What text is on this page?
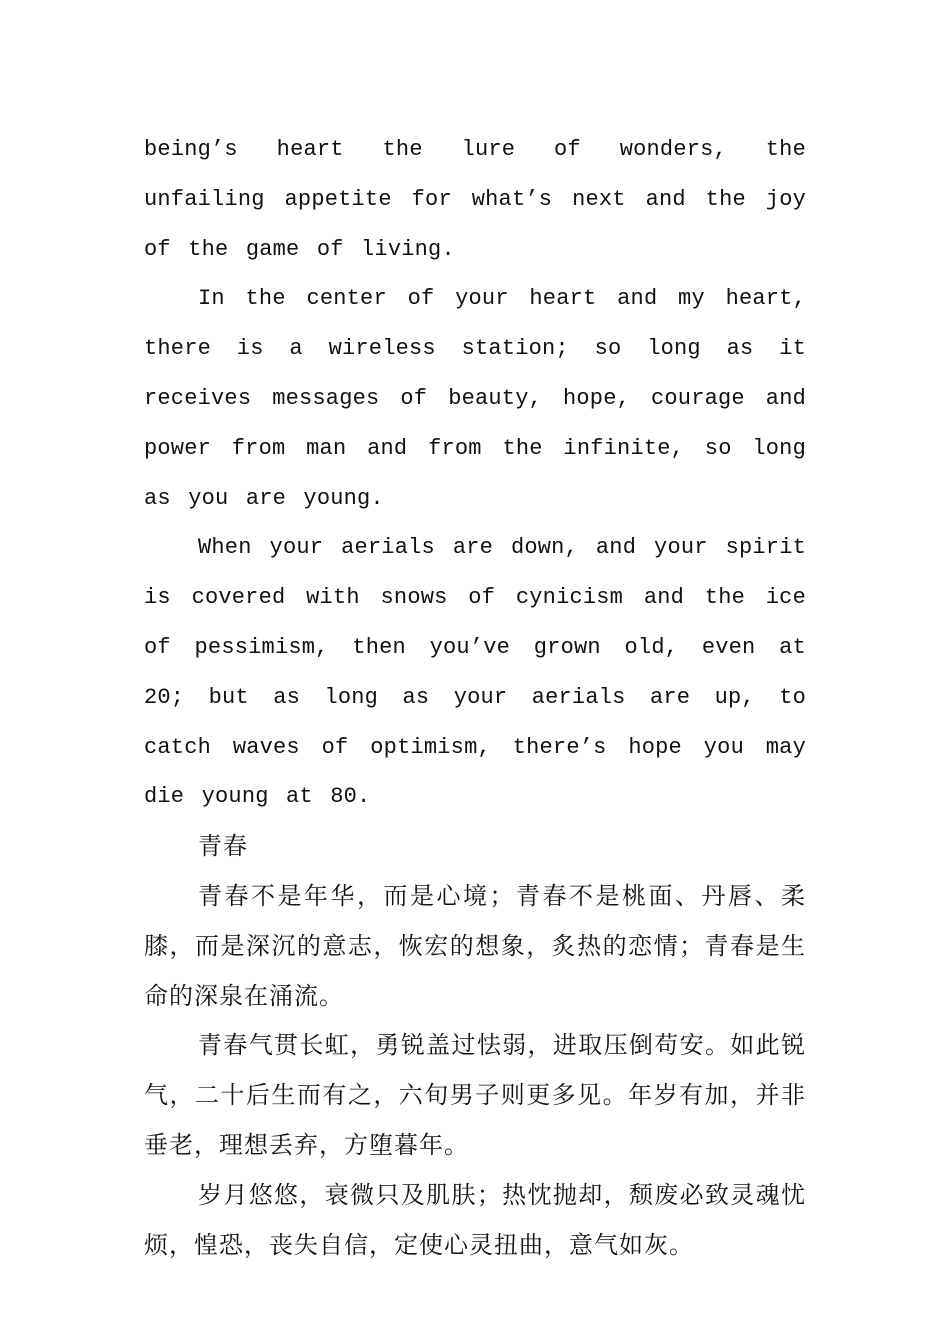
being’s heart the lure of wonders, the unfailing appetite for what’s next and the joy of the game of living.

In the center of your heart and my heart, there is a wireless station; so long as it receives messages of beauty, hope, courage and power from man and from the infinite, so long as you are young.

When your aerials are down, and your spirit is covered with snows of cynicism and the ice of pessimism, then you’ve grown old, even at 20; but as long as your aerials are up, to catch waves of optimism, there’s hope you may die young at 80.

青春

青春不是年华，而是心境；青春不是桃面、丹唇、柔膝，而是深沉的意志，恢宏的想象，炙热的恋情；青春是生命的深泉在涌流。

青春气贯长虹，勇锐盖过怯弱，进取压倒苟安。如此锐气，二十后生而有之，六旬男子则更多见。年岁有加，并非垂老，理想丢弃，方堕暮年。

岁月悠悠，衰微只及肌肤；热忱抛却，颓废必致灵魂忧烦，惶恐，丧失自信，定使心灵扭曲，意气如灰。
